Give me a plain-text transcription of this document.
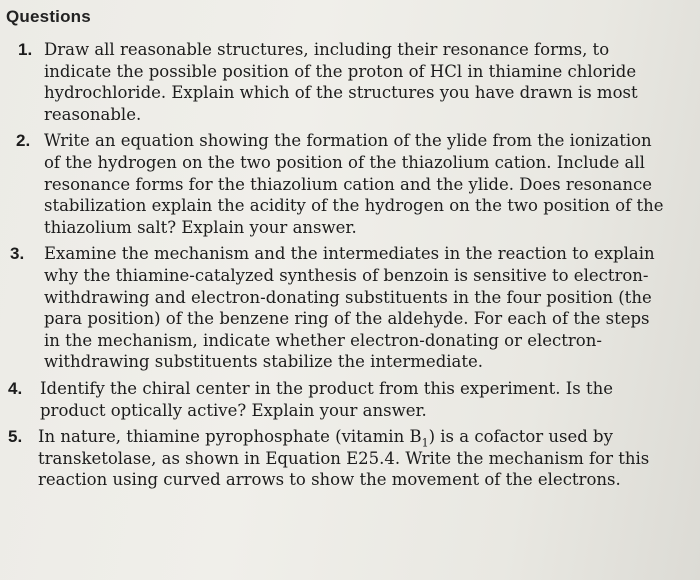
Questions
1. Draw all reasonable structures, including their resonance forms, to indicate the possible position of the proton of HCl in thiamine chloride hydrochloride. Explain which of the structures you have drawn is most reasonable.
2. Write an equation showing the formation of the ylide from the ionization of the hydrogen on the two position of the thiazolium cation. Include all resonance forms for the thiazolium cation and the ylide. Does resonance stabilization explain the acidity of the hydrogen on the two position of the thiazolium salt? Explain your answer.
3. Examine the mechanism and the intermediates in the reaction to explain why the thiamine-catalyzed synthesis of benzoin is sensitive to electron-withdrawing and electron-donating substituents in the four position (the para position) of the benzene ring of the aldehyde. For each of the steps in the mechanism, indicate whether electron-donating or electron-withdrawing substituents stabilize the intermediate.
4. Identify the chiral center in the product from this experiment. Is the product optically active? Explain your answer.
5. In nature, thiamine pyrophosphate (vitamin $B_1$) is a cofactor used by transketolase, as shown in Equation E25.4. Write the mechanism for this reaction using curved arrows to show the movement of the electrons.
